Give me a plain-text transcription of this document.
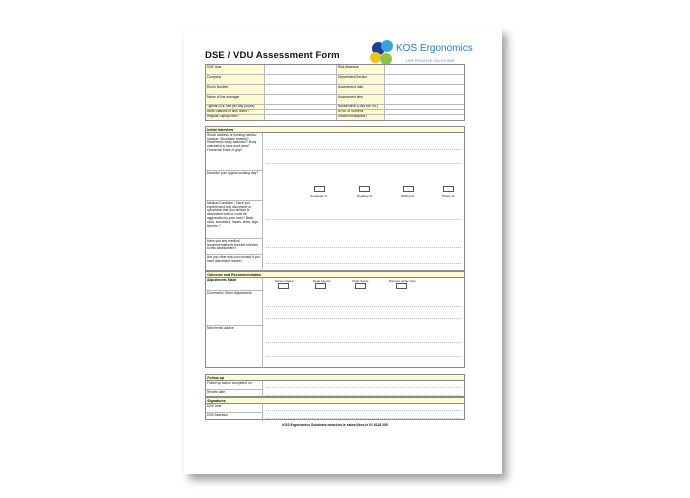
DSE / VDU Assessment Form
KOS Ergonomics
LIFE POSITIVE SOLUTIONS
DSE User	Risk Assessor
Company	Department/Section
Room Number	Assessment date
Name of line manager	Assessment time
Typical DSE use per day (hours)	Mouse/other (Lists the; no.)
Work Stations in situ/ home?	Is No. of Screens
Regular Laptop user?	Shared workspace?
Initial Interview
Show/ address of working hand/s/ location: Shoulders relaxed? Head/neck/ body balanced? Body orientated to face work area? Forearms/ Ease of grip?
Describe your typical working day?
Computer %	Reading %	Writing %	Phone %
Medical Condition / Have you experienced any discomfort or symptoms that you believe is associated with or could be aggravated by your work? Back, neck, shoulders, hands, arms, legs, feet etc.?
Have you any medical recommendations that are relevant to this assessment?
Are you clear who you contact if you have discomfort issues?
Outcome and Recommendation
Adjustments Made	Screen Setup	Desk Layout	Chair Setup	Discuss under view
Comments/ Other Adjustments
New items/ advice
Follow-up
Follow up action completed on:
Review date
Signatures
DSE User
DSE Assessor
KOS Ergonomics Solutions www.kos.ie sales@kos.ie 01 6118 205
